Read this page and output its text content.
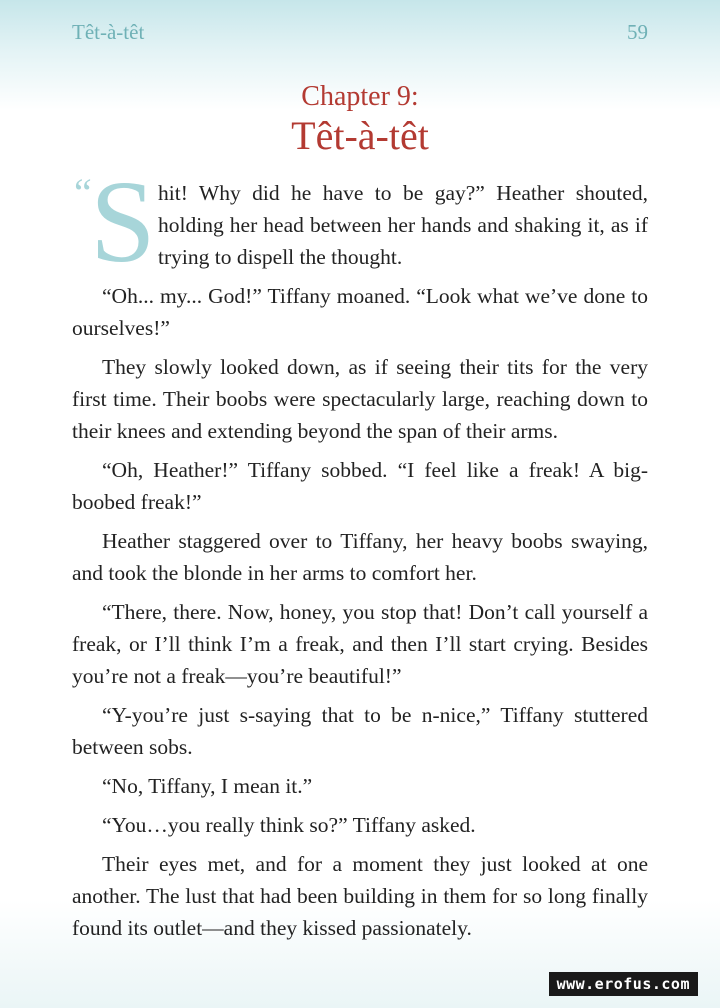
Têt-à-têt	59
Chapter 9:
Têt-à-têt

“
S hit! Why did he have to be gay?” Heather shouted, holding her head between her hands and shaking it, as if trying to dispell the thought.

“Oh... my... God!” Tiffany moaned. “Look what we’ve done to ourselves!”

They slowly looked down, as if seeing their tits for the very first time. Their boobs were spectacularly large, reaching down to their knees and extending beyond the span of their arms.

“Oh, Heather!” Tiffany sobbed. “I feel like a freak! A big-boobed freak!”

Heather staggered over to Tiffany, her heavy boobs swaying, and took the blonde in her arms to comfort her.

“There, there. Now, honey, you stop that! Don’t call yourself a freak, or I’ll think I’m a freak, and then I’ll start crying. Besides you’re not a freak—you’re beautiful!”

“Y-you’re just s-saying that to be n-nice,” Tiffany stuttered between sobs.

“No, Tiffany, I mean it.”

“You…you really think so?” Tiffany asked.

Their eyes met, and for a moment they just looked at one another. The lust that had been building in them for so long finally found its outlet—and they kissed passionately.

www.erofus.com
